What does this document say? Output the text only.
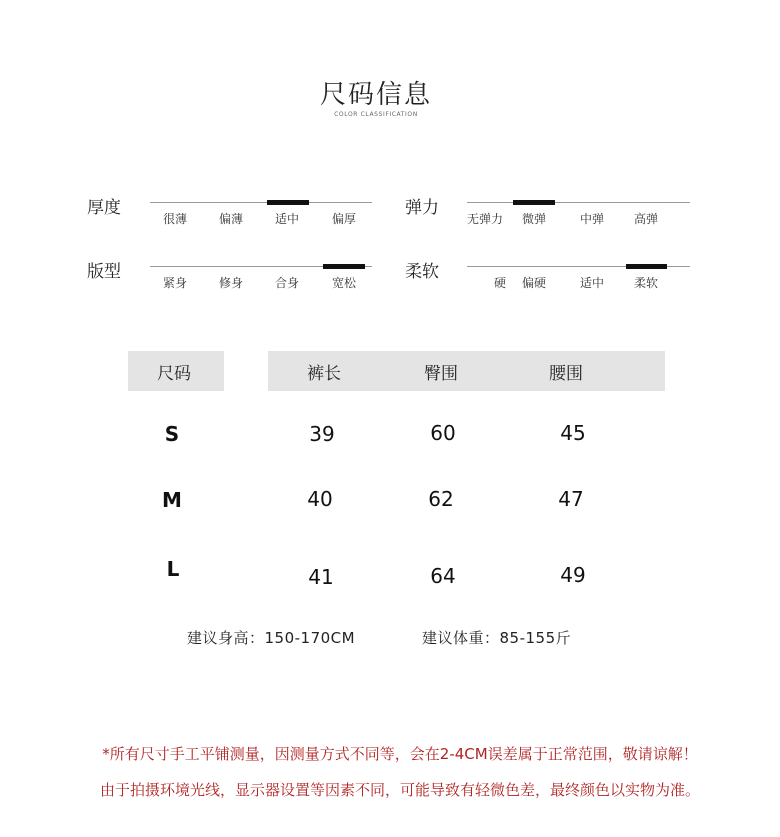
尺码信息
COLOR CLASSIFICATION
厚度
很薄	偏薄	适中	偏厚
弹力
无弹力	微弹	中弹	高弹
版型
紧身	修身	合身	宽松
柔软
硬	偏硬	适中	柔软
尺码	裤长	臀围	腰围
S	39	60	45
M	40	62	47
L	41	64	49
建议身高：150-170CM	建议体重：85-155斤
*所有尺寸手工平铺测量，因测量方式不同等，会在2-4CM误差属于正常范围，敬请谅解！
由于拍摄环境光线，显示器设置等因素不同，可能导致有轻微色差，最终颜色以实物为准。
